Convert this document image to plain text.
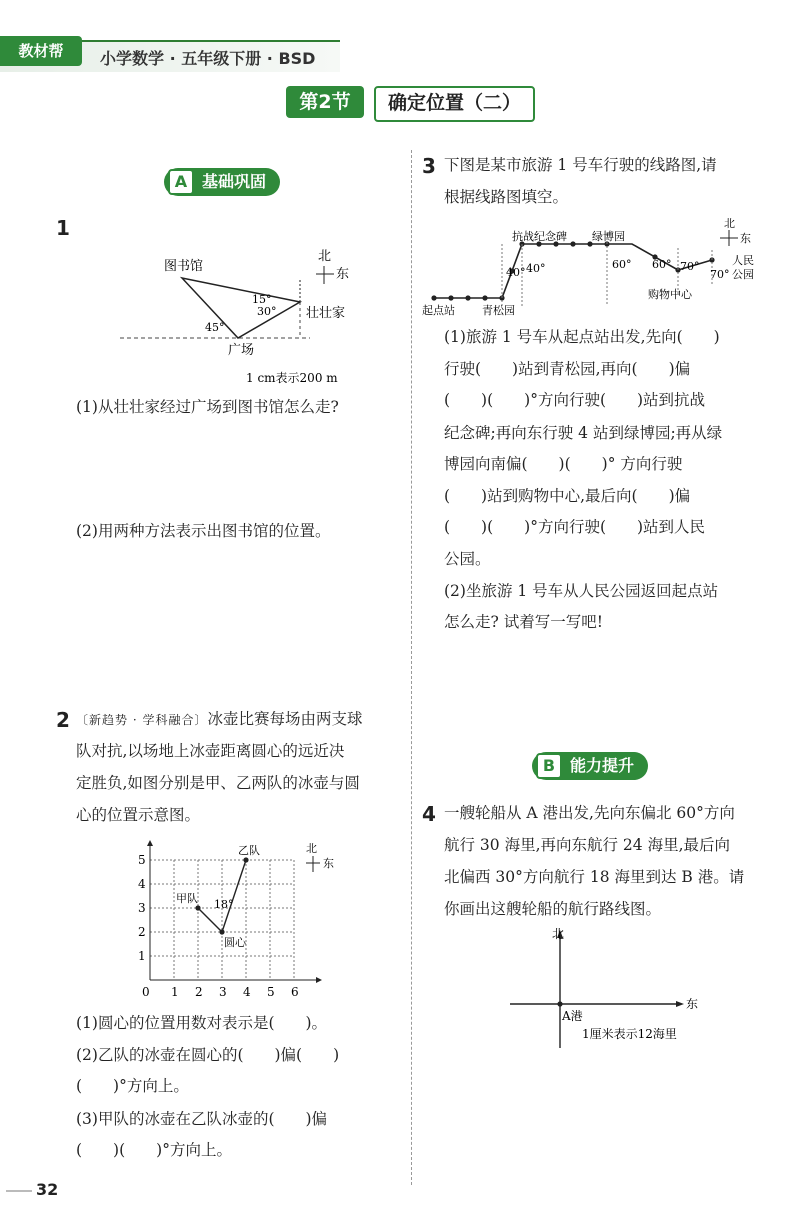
教材帮	小学数学 · 五年级下册 · BSD
第2节	确定位置（二）
A 基础巩固
1
图书馆
壮壮家
广场
15°
30°
45°
北
东
1 cm表示200 m
(1)从壮壮家经过广场到图书馆怎么走?
(2)用两种方法表示出图书馆的位置。
2 〔新趋势 · 学科融合〕冰壶比赛每场由两支球
队对抗,以场地上冰壶距离圆心的远近决
定胜负,如图分别是甲、乙两队的冰壶与圆
心的位置示意图。
0 1 2 3 4 5 6
1
2
3
4
5
甲队
乙队
圆心
18°
北
东
(1)圆心的位置用数对表示是(　　)。
(2)乙队的冰壶在圆心的(　　)偏(　　)
(　　)°方向上。
(3)甲队的冰壶在乙队冰壶的(　　)偏
(　　)(　　)°方向上。
3 下图是某市旅游 1 号车行驶的线路图,请
根据线路图填空。
起点站 青松园
抗战纪念碑 绿博园
购物中心
人民
公园
40° 40°	60° 60° 70°
70°
北
东
(1)旅游 1 号车从起点站出发,先向(　　)
行驶(　　)站到青松园,再向(　　)偏
(　　)(　　)°方向行驶(　　)站到抗战
纪念碑;再向东行驶 4 站到绿博园;再从绿
博园向南偏(　　)(　　)° 方向行驶
(　　)站到购物中心,最后向(　　)偏
(　　)(　　)°方向行驶(　　)站到人民
公园。
(2)坐旅游 1 号车从人民公园返回起点站
怎么走? 试着写一写吧!
B 能力提升
4 一艘轮船从 A 港出发,先向东偏北 60°方向
航行 30 海里,再向东航行 24 海里,最后向
北偏西 30°方向航行 18 海里到达 B 港。请
你画出这艘轮船的航行路线图。
北
东
A港
1厘米表示12海里
32
